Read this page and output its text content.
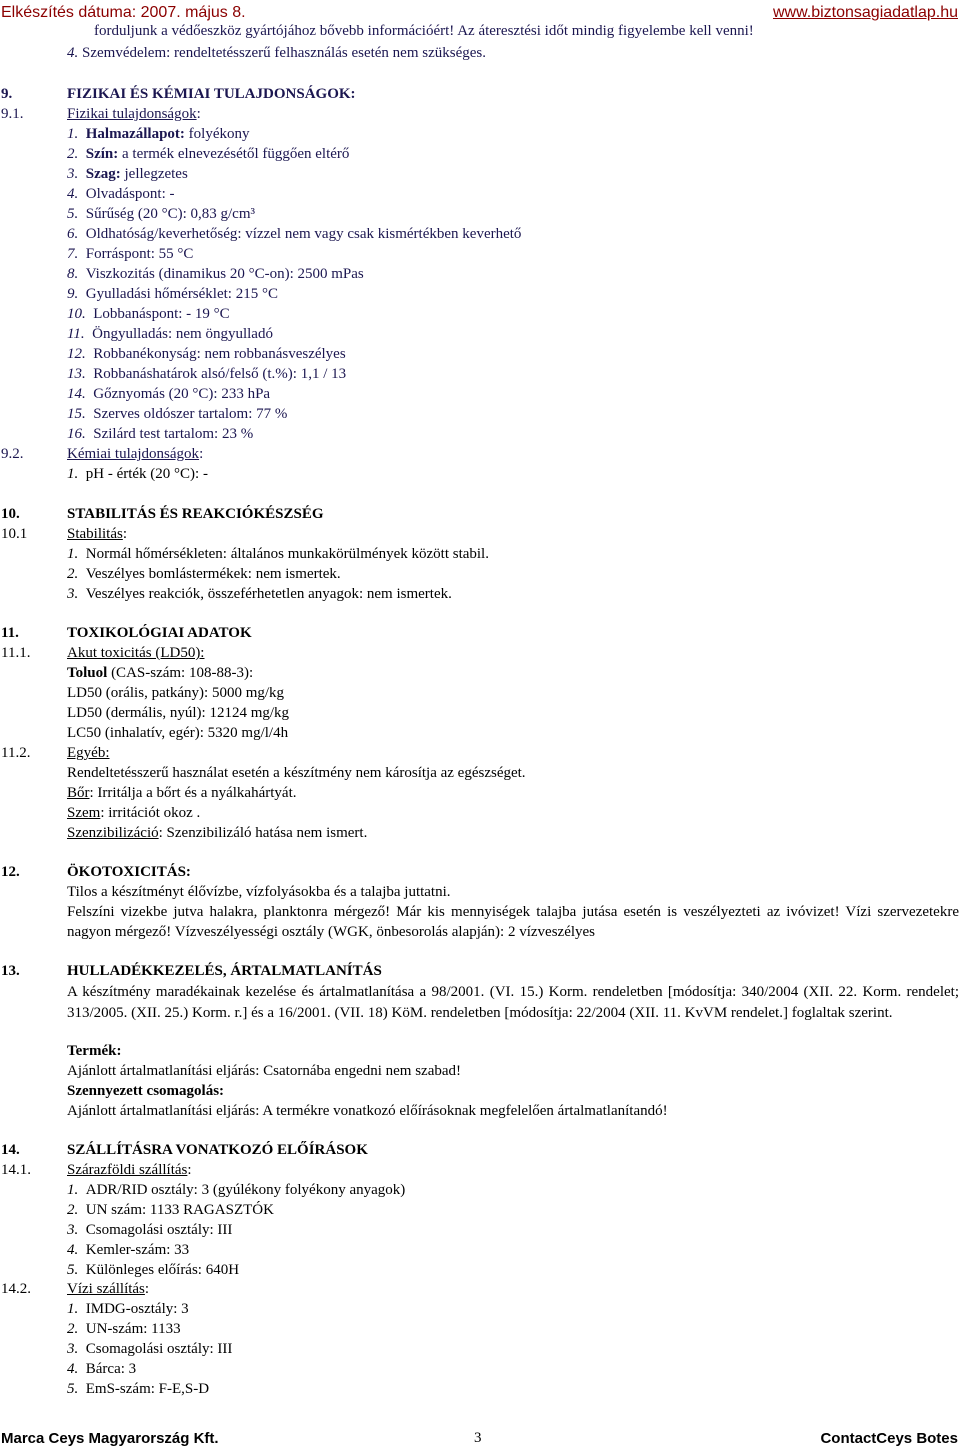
Elkészítés dátuma: 2007. május 8.	www.biztonsagiadatlap.hu
forduljunk a védőeszköz gyártójához bővebb információért! Az áteresztési időt mindig figyelembe kell venni!
4. Szemvédelem: rendeltetésszerű felhasználás esetén nem szükséges.
9.	FIZIKAI ÉS KÉMIAI TULAJDONSÁGOK:
9.1.	Fizikai tulajdonságok:
1. Halmazállapot: folyékony
2. Szín: a termék elnevezésétől függően eltérő
3. Szag: jellegzetes
4. Olvadáspont: -
5. Sűrűség (20 °C): 0,83 g/cm³
6. Oldhatóság/keverhetőség: vízzel nem vagy csak kismértékben keverhető
7. Forráspont: 55 °C
8. Viszkozitás (dinamikus 20 °C-on): 2500 mPas
9. Gyulladási hőmérséklet: 215 °C
10. Lobbanáspont: - 19 °C
11. Öngyulladás: nem öngyulladó
12. Robbanékonyság: nem robbanásveszélyes
13. Robbanáshatárok alsó/felső (t.%): 1,1 / 13
14. Gőznyomás (20 °C): 233 hPa
15. Szerves oldószer tartalom: 77 %
16. Szilárd test tartalom: 23 %
9.2.	Kémiai tulajdonságok:
1. pH - érték (20 °C): -
10.	STABILITÁS ÉS REAKCIÓKÉSZSÉG
10.1	Stabilitás:
1. Normál hőmérsékleten: általános munkakörülmények között stabil.
2. Veszélyes bomlástermékek: nem ismertek.
3. Veszélyes reakciók, összeférhetetlen anyagok: nem ismertek.
11.	TOXIKOLÓGIAI ADATOK
11.1. Akut toxicitás (LD50):
Toluol (CAS-szám: 108-88-3):
LD50 (orális, patkány): 5000 mg/kg
LD50 (dermális, nyúl): 12124 mg/kg
LC50 (inhalatív, egér): 5320 mg/l/4h
11.2. Egyéb:
Rendeltetésszerű használat esetén a készítmény nem károsítja az egészséget.
Bőr: Irritálja a bőrt és a nyálkahártyát.
Szem: irritációt okoz .
Szenzibilizáció: Szenzibilizáló hatása nem ismert.
12.	ÖKOTOXICITÁS:
Tilos a készítményt élővízbe, vízfolyásokba és a talajba juttatni.
Felszíni vizekbe jutva halakra, planktonra mérgező! Már kis mennyiségek talajba jutása esetén is veszélyezteti az ivóvizet! Vízi szervezetekre nagyon mérgező! Vízveszélyességi osztály (WGK, önbesorolás alapján): 2 vízveszélyes
13.	HULLADÉKKEZELÉS, ÁRTALMATLANÍTÁS
A készítmény maradékainak kezelése és ártalmatlanítása a 98/2001. (VI. 15.) Korm. rendeletben [módosítja: 340/2004 (XII. 22. Korm. rendelet; 313/2005. (XII. 25.) Korm. r.] és a 16/2001. (VII. 18) KöM. rendeletben [módosítja: 22/2004 (XII. 11. KvVM rendelet.] foglaltak szerint.
Termék:
Ajánlott ártalmatlanítási eljárás: Csatornába engedni nem szabad!
Szennyezett csomagolás:
Ajánlott ártalmatlanítási eljárás: A termékre vonatkozó előírásoknak megfelelően ártalmatlanítandó!
14.	SZÁLLÍTÁSRA VONATKOZÓ ELŐÍRÁSOK
14.1. Szárazföldi szállítás:
1. ADR/RID osztály: 3 (gyúlékony folyékony anyagok)
2. UN szám: 1133 RAGASZTÓK
3. Csomagolási osztály: III
4. Kemler-szám: 33
5. Különleges előírás: 640H
14.2. Vízi szállítás:
1. IMDG-osztály: 3
2. UN-szám: 1133
3. Csomagolási osztály: III
4. Bárca: 3
5. EmS-szám: F-E,S-D
Marca Ceys Magyarország Kft.	3	ContactCeys Botes
